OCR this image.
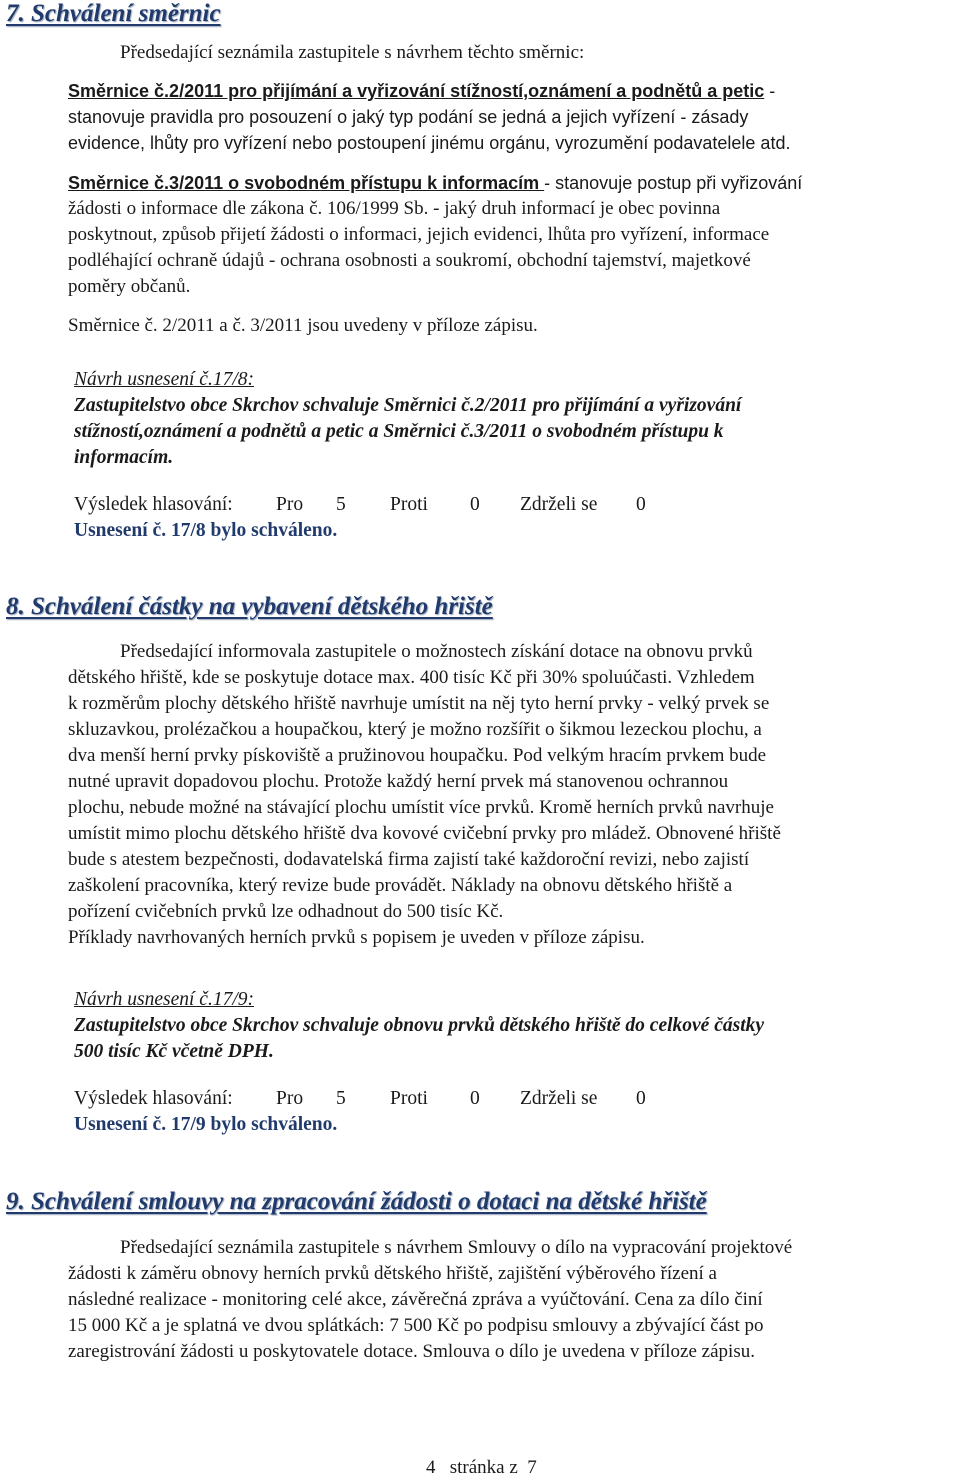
7. Schválení směrnic
Předsedající seznámila zastupitele s návrhem těchto směrnic:
Směrnice č.2/2011 pro přijímání a vyřizování stížností,oznámení a podnětů a petic -
stanovuje pravidla pro posouzení o jaký typ podání se jedná a jejich vyřízení - zásady
evidence, lhůty pro vyřízení nebo postoupení jinému orgánu, vyrozumění podavatelele atd.
Směrnice č.3/2011 o svobodném přístupu k informacím - stanovuje postup při vyřizování
žádosti o informace dle zákona č. 106/1999 Sb. - jaký druh informací je obec povinna
poskytnout, způsob přijetí žádosti o informaci, jejich evidenci, lhůta pro vyřízení, informace
podléhající ochraně údajů - ochrana osobnosti a soukromí, obchodní tajemství, majetkové
poměry občanů.
Směrnice č. 2/2011 a č. 3/2011 jsou uvedeny v příloze zápisu.
Návrh usnesení č.17/8:
Zastupitelstvo obce Skrchov schvaluje Směrnici č.2/2011 pro přijímání a vyřizování
stížností,oznámení a podnětů a petic a Směrnici č.3/2011 o svobodném přístupu k
informacím.
Výsledek hlasování: Pro 5 Proti 0 Zdrželi se 0
Usnesení č. 17/8 bylo schváleno.
8. Schválení částky na vybavení dětského hřiště
Předsedající informovala zastupitele o možnostech získání dotace na obnovu prvků
dětského hřiště, kde se poskytuje dotace max. 400 tisíc Kč při 30% spoluúčasti. Vzhledem
k rozměrům plochy dětského hřiště navrhuje umístit na něj tyto herní prvky - velký prvek se
skluzavkou, prolézačkou a houpačkou, který je možno rozšířit o šikmou lezeckou plochu, a
dva menší herní prvky pískoviště a pružinovou houpačku. Pod velkým hracím prvkem bude
nutné upravit dopadovou plochu. Protože každý herní prvek má stanovenou ochrannou
plochu, nebude možné na stávající plochu umístit více prvků. Kromě herních prvků navrhuje
umístit mimo plochu dětského hřiště dva kovové cvičební prvky pro mládež. Obnovené hřiště
bude s atestem bezpečnosti, dodavatelská firma zajistí také každoroční revizi, nebo zajistí
zaškolení pracovníka, který revize bude provádět. Náklady na obnovu dětského hřiště a
pořízení cvičebních prvků lze odhadnout do 500 tisíc Kč.
Příklady navrhovaných herních prvků s popisem je uveden v příloze zápisu.
Návrh usnesení č.17/9:
Zastupitelstvo obce Skrchov schvaluje obnovu prvků dětského hřiště do celkové částky
500 tisíc Kč včetně DPH.
Výsledek hlasování: Pro 5 Proti 0 Zdrželi se 0
Usnesení č. 17/9 bylo schváleno.
9. Schválení smlouvy na zpracování žádosti o dotaci na dětské hřiště
Předsedající seznámila zastupitele s návrhem Smlouvy o dílo na vypracování projektové
žádosti k záměru obnovy herních prvků dětského hřiště, zajištění výběrového řízení a
následné realizace - monitoring celé akce, závěrečná zpráva a vyúčtování. Cena za dílo činí
15 000 Kč a je splatná ve dvou splátkách: 7 500 Kč po podpisu smlouvy a zbývající část po
zaregistrování žádosti u poskytovatele dotace. Smlouva o dílo je uvedena v příloze zápisu.
4   stránka z  7
